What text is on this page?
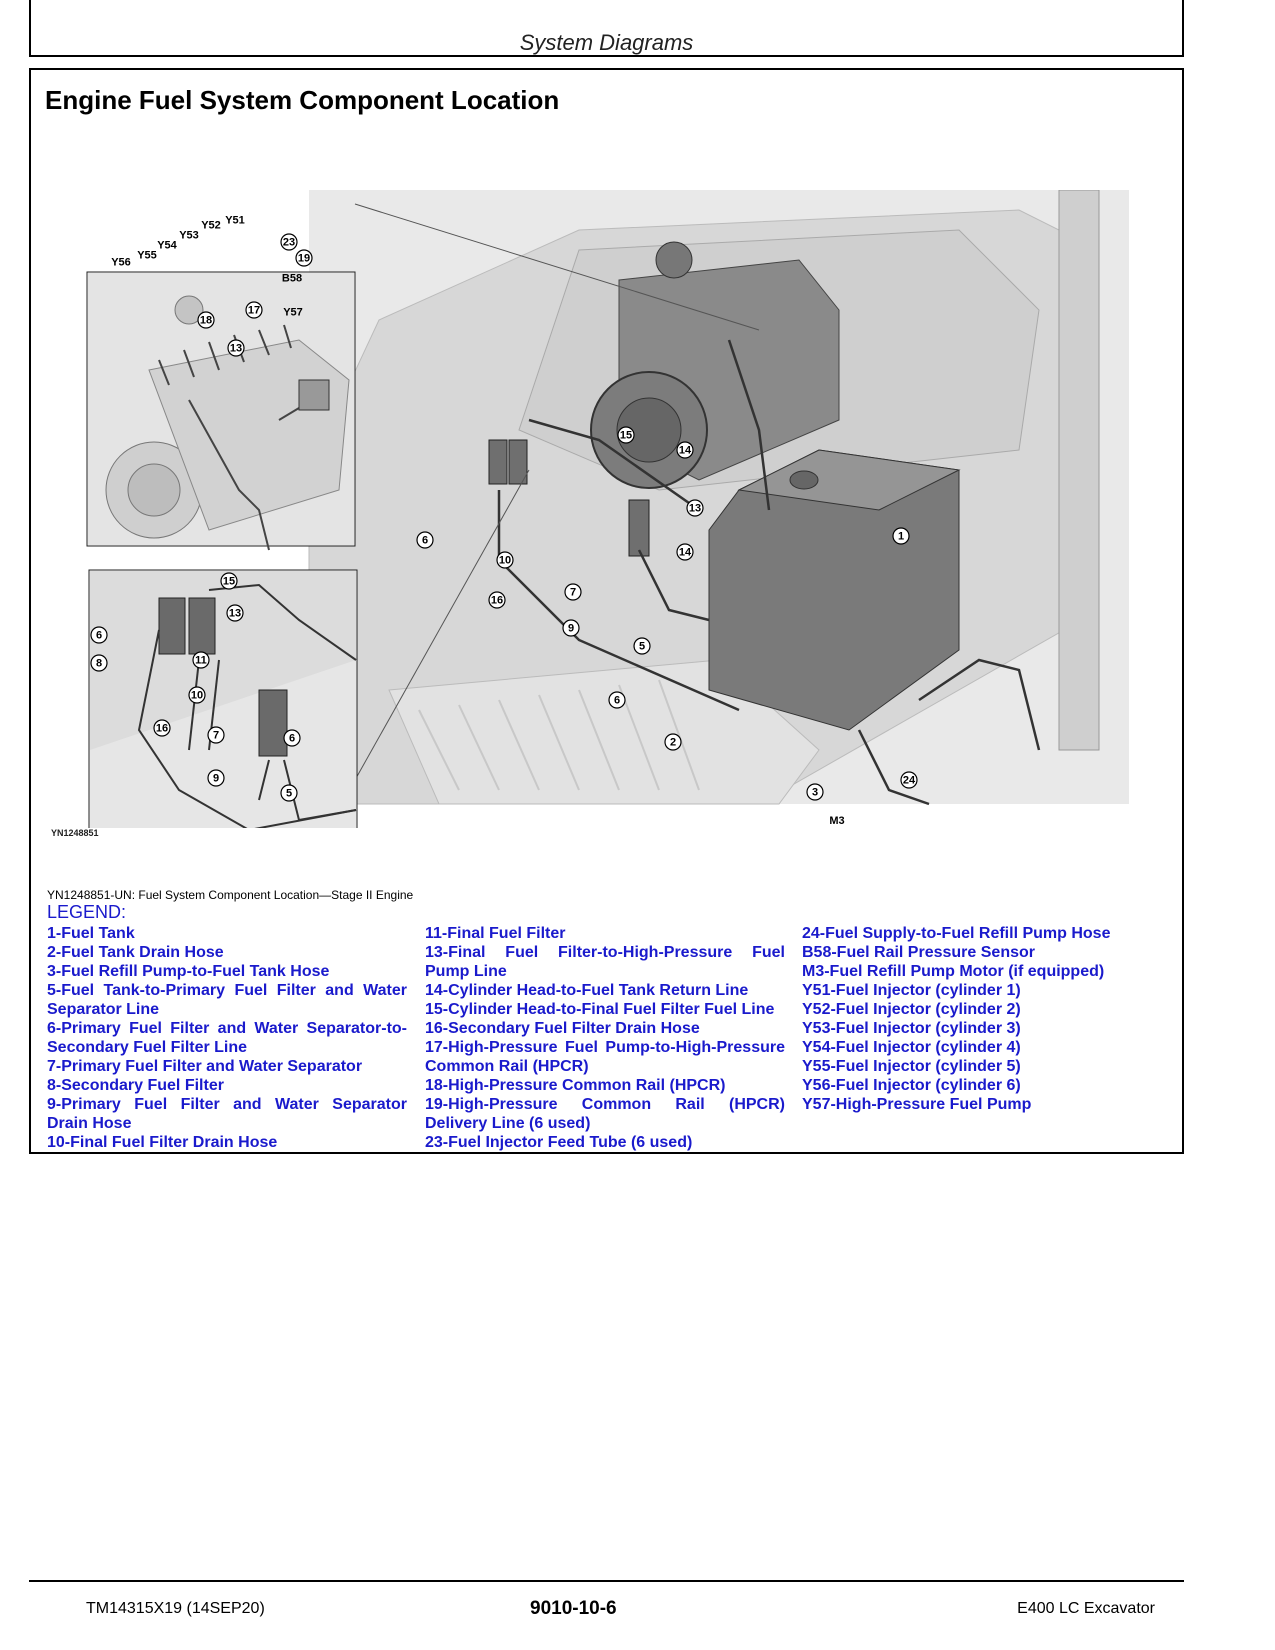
System Diagrams
Engine Fuel System Component Location
Y51
Y52
Y53
Y54
Y55
Y56
23
19
B58
17 Y57
18
13
15
13
6
8	11
10
16
7	6
9
5
15
14
13
1
6
10
16
14
7
9
5
6
2
3
24
M3
YN1248851
YN1248851-UN: Fuel System Component Location—Stage II Engine
LEGEND:
1-Fuel Tank
2-Fuel Tank Drain Hose
3-Fuel Refill Pump-to-Fuel Tank Hose
5-Fuel Tank-to-Primary Fuel Filter and Water Separator Line
6-Primary Fuel Filter and Water Separator-to-Secondary Fuel Filter Line
7-Primary Fuel Filter and Water Separator
8-Secondary Fuel Filter
9-Primary Fuel Filter and Water Separator Drain Hose
10-Final Fuel Filter Drain Hose
11-Final Fuel Filter
13-Final Fuel Filter-to-High-Pressure Fuel Pump Line
14-Cylinder Head-to-Fuel Tank Return Line
15-Cylinder Head-to-Final Fuel Filter Fuel Line
16-Secondary Fuel Filter Drain Hose
17-High-Pressure Fuel Pump-to-High-Pressure Common Rail (HPCR)
18-High-Pressure Common Rail (HPCR)
19-High-Pressure Common Rail (HPCR) Delivery Line (6 used)
23-Fuel Injector Feed Tube (6 used)
24-Fuel Supply-to-Fuel Refill Pump Hose
B58-Fuel Rail Pressure Sensor
M3-Fuel Refill Pump Motor (if equipped)
Y51-Fuel Injector (cylinder 1)
Y52-Fuel Injector (cylinder 2)
Y53-Fuel Injector (cylinder 3)
Y54-Fuel Injector (cylinder 4)
Y55-Fuel Injector (cylinder 5)
Y56-Fuel Injector (cylinder 6)
Y57-High-Pressure Fuel Pump
TM14315X19 (14SEP20)	9010-10-6	E400 LC Excavator
